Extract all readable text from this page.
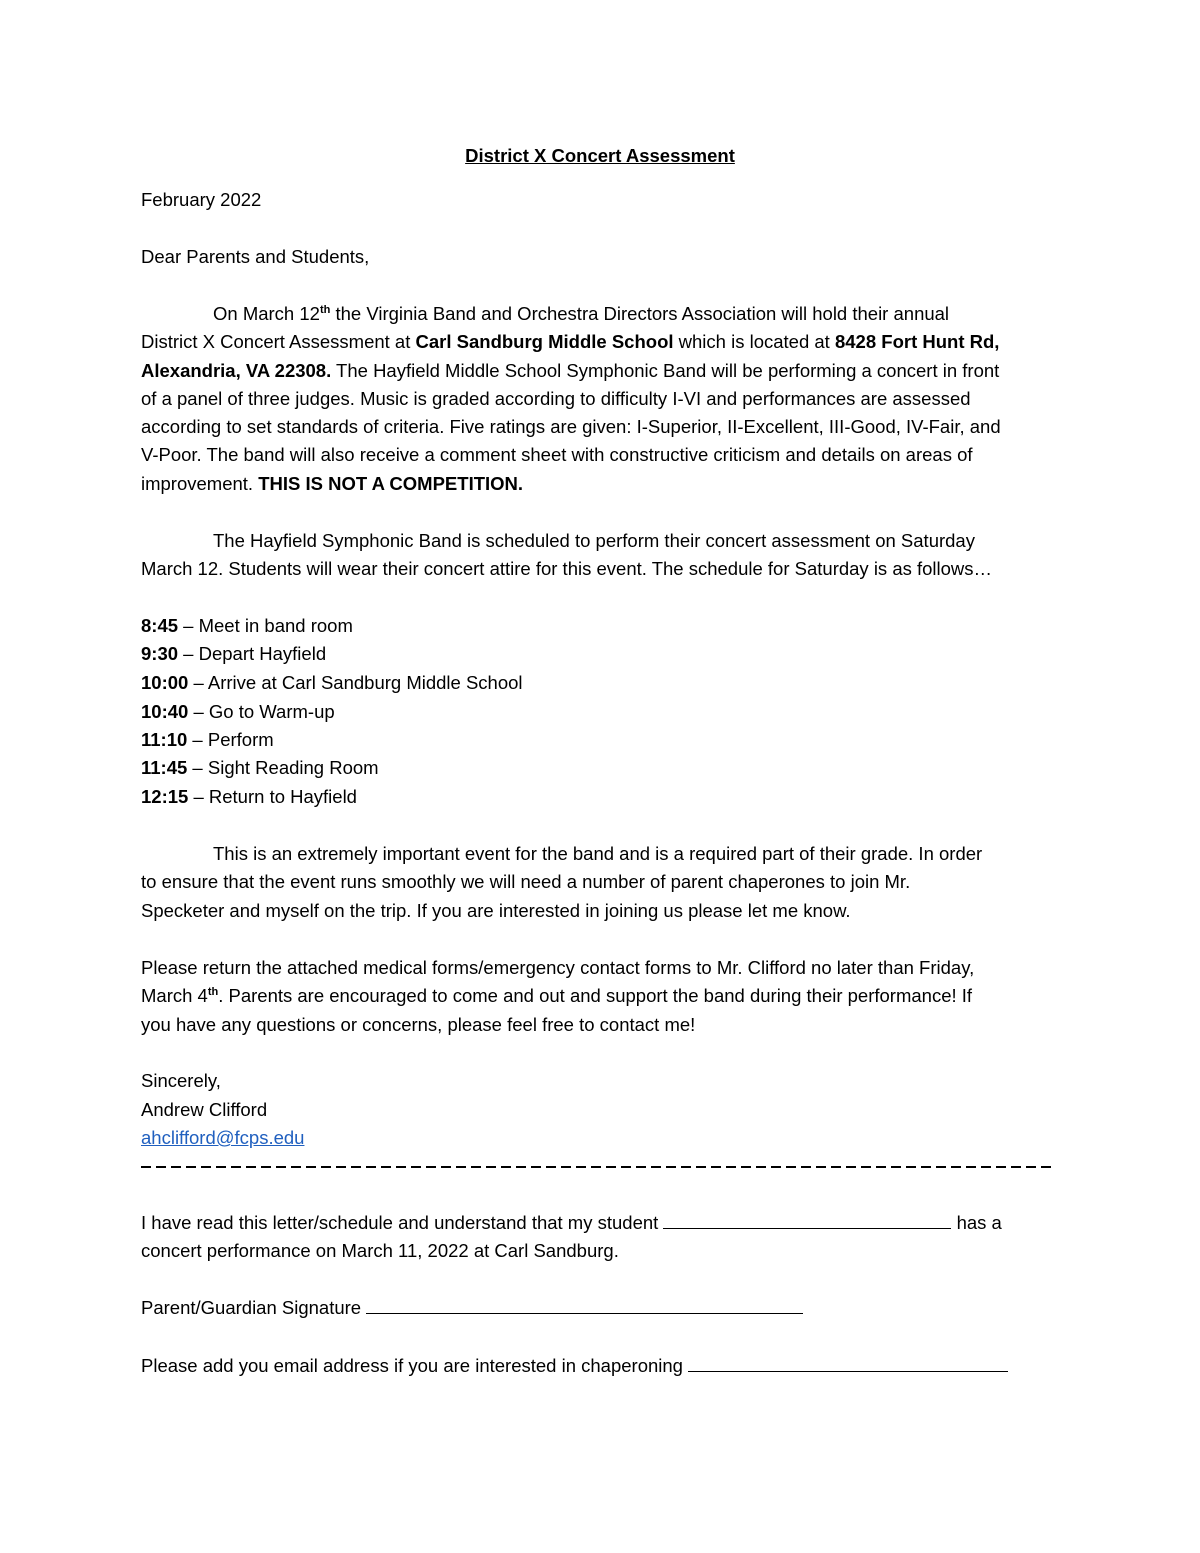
District X Concert Assessment
February 2022
Dear Parents and Students,
On March 12th the Virginia Band and Orchestra Directors Association will hold their annual
District X Concert Assessment at Carl Sandburg Middle School which is located at 8428 Fort Hunt Rd,
Alexandria, VA 22308. The Hayfield Middle School Symphonic Band will be performing a concert in front
of a panel of three judges. Music is graded according to difficulty I-VI and performances are assessed
according to set standards of criteria. Five ratings are given: I-Superior, II-Excellent, III-Good, IV-Fair, and
V-Poor. The band will also receive a comment sheet with constructive criticism and details on areas of
improvement. THIS IS NOT A COMPETITION.
The Hayfield Symphonic Band is scheduled to perform their concert assessment on Saturday
March 12. Students will wear their concert attire for this event. The schedule for Saturday is as follows…
8:45 – Meet in band room
9:30 – Depart Hayfield
10:00 – Arrive at Carl Sandburg Middle School
10:40 – Go to Warm-up
11:10 – Perform
11:45 – Sight Reading Room
12:15 – Return to Hayfield
This is an extremely important event for the band and is a required part of their grade. In order
to ensure that the event runs smoothly we will need a number of parent chaperones to join Mr.
Specketer and myself on the trip. If you are interested in joining us please let me know.
Please return the attached medical forms/emergency contact forms to Mr. Clifford no later than Friday,
March 4th. Parents are encouraged to come and out and support the band during their performance! If
you have any questions or concerns, please feel free to contact me!
Sincerely,
Andrew Clifford
ahclifford@fcps.edu
I have read this letter/schedule and understand that my student	has a
concert performance on March 11, 2022 at Carl Sandburg.
Parent/Guardian Signature
Please add you email address if you are interested in chaperoning
